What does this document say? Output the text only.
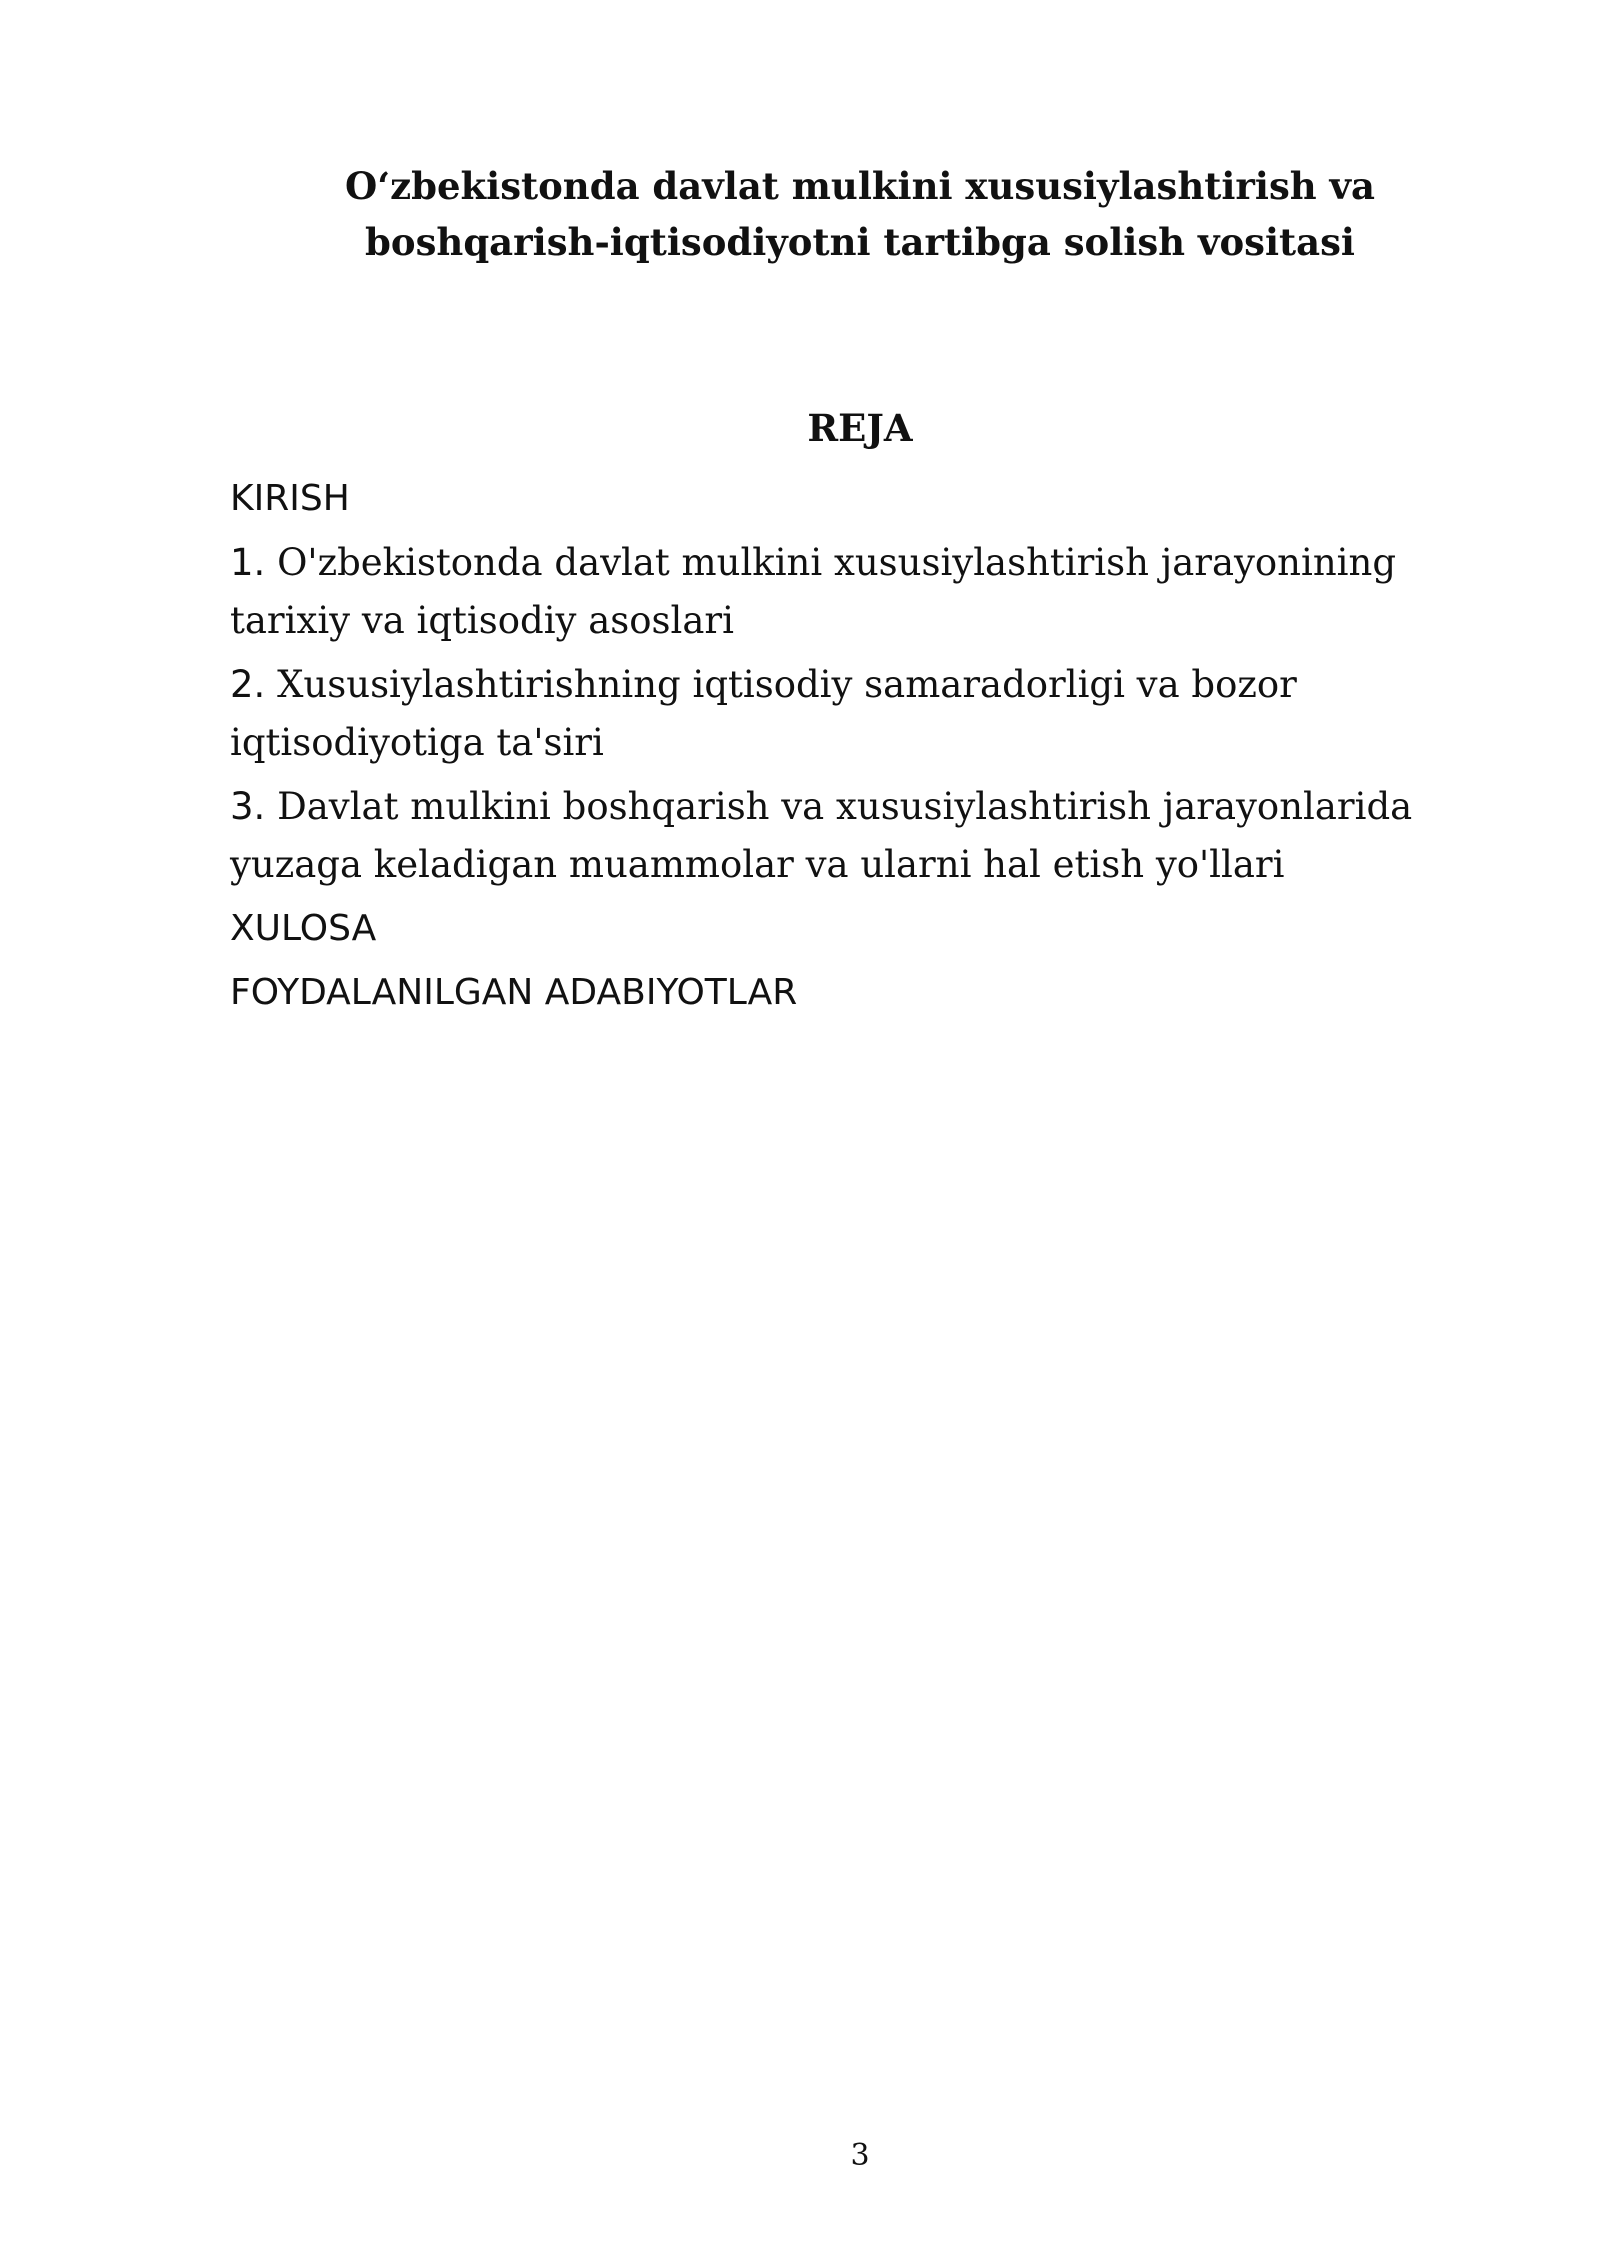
O‘zbekistonda davlat mulkini xususiylashtirish va
boshqarish-iqtisodiyotni tartibga solish vositasi
REJA
KIRISH
1. O'zbekistonda davlat mulkini xususiylashtirish jarayonining tarixiy va iqtisodiy asoslari
2. Xususiylashtirishning iqtisodiy samaradorligi va bozor iqtisodiyotiga ta'siri
3. Davlat mulkini boshqarish va xususiylashtirish jarayonlarida yuzaga keladigan muammolar va ularni hal etish yo'llari
XULOSA
FOYDALANILGAN ADABIYOTLAR
3
